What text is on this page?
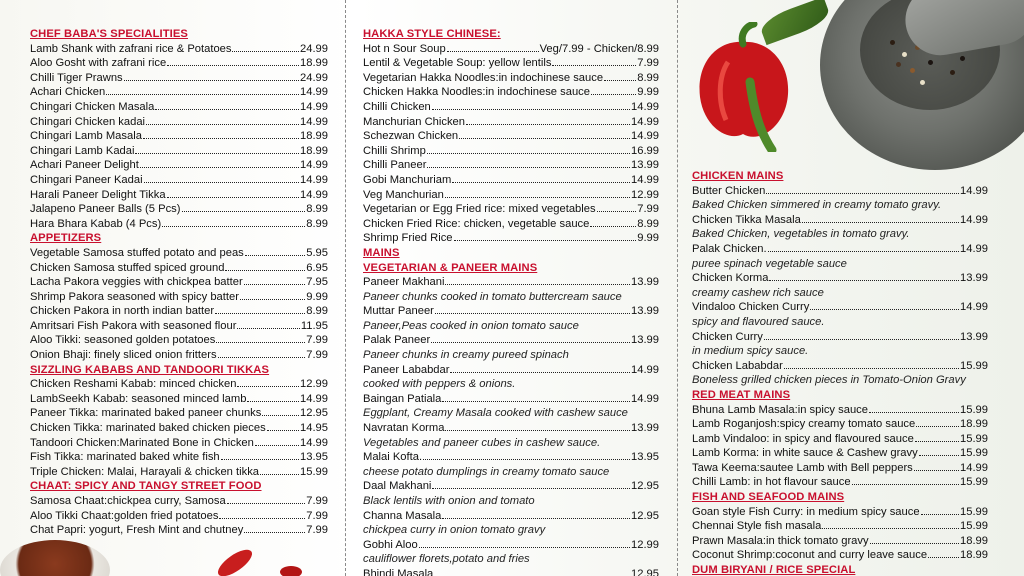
CHEF BABA'S SPECIALITIES
Lamb Shank with zafrani rice & Potatoes	24.99
Aloo Gosht with zafrani rice	18.99
Chilli Tiger Prawns	24.99
Achari Chicken	14.99
Chingari Chicken Masala	14.99
Chingari Chicken kadai	14.99
Chingari Lamb Masala	18.99
Chingari Lamb Kadai	18.99
Achari Paneer Delight	14.99
Chingari Paneer Kadai	14.99
Harali Paneer Delight Tikka	14.99
Jalapeno Paneer Balls (5 Pcs)	8.99
Hara Bhara Kabab (4 Pcs)	8.99
APPETIZERS
Vegetable Samosa stuffed potato and peas	5.95
Chicken Samosa stuffed spiced ground	6.95
Lacha Pakora veggies with chickpea batter	7.95
Shrimp Pakora seasoned with spicy batter	9.99
Chicken Pakora in north indian batter	8.99
Amritsari Fish Pakora with seasoned flour	11.95
Aloo Tikki: seasoned golden potatoes	7.99
Onion Bhaji: finely sliced onion fritters	7.99
SIZZLING KABABS AND TANDOORI TIKKAS
Chicken Reshami Kabab: minced chicken	12.99
LambSeekh Kabab: seasoned minced lamb	14.99
Paneer Tikka: marinated baked paneer chunks	12.95
Chicken Tikka: marinated baked chicken pieces	14.95
Tandoori Chicken:Marinated Bone in Chicken	14.99
Fish Tikka: marinated baked white fish	13.95
Triple Chicken: Malai, Harayali & chicken tikka	15.99
CHAAT: SPICY AND TANGY STREET FOOD
Samosa Chaat:chickpea curry, Samosa	7.99
Aloo Tikki Chaat:golden fried potatoes	7.99
Chat Papri: yogurt, Fresh Mint and chutney	7.99
HAKKA STYLE CHINESE:
Hot n Sour Soup	Veg/7.99 - Chicken/8.99
Lentil & Vegetable Soup: yellow lentils	7.99
Vegetarian Hakka Noodles:in indochinese sauce	8.99
Chicken Hakka Noodles:in indochinese sauce	9.99
Chilli Chicken	14.99
Manchurian Chicken	14.99
Schezwan Chicken	14.99
Chilli Shrimp	16.99
Chilli Paneer	13.99
Gobi Manchuriam	14.99
Veg Manchurian	12.99
Vegetarian or Egg Fried rice: mixed vegetables	7.99
Chicken Fried Rice: chicken, vegetable sauce	8.99
Shrimp Fried Rice	9.99
MAINS
VEGETARIAN & PANEER MAINS
Paneer Makhani	13.99
Paneer chunks cooked in tomato buttercream sauce
Muttar Paneer	13.99
Paneer,Peas cooked in onion tomato sauce
Palak Paneer	13.99
Paneer chunks in creamy pureed spinach
Paneer Lababdar	14.99
cooked with peppers & onions.
Baingan Patiala	14.99
Eggplant, Creamy Masala cooked with cashew sauce
Navratan Korma	13.99
Vegetables and paneer cubes in cashew sauce.
Malai Kofta.	13.95
cheese potato dumplings in creamy tomato sauce
Daal Makhani	12.95
Black lentils with onion and tomato
Channa Masala	12.95
chickpea curry in onion tomato gravy
Gobhi Aloo	12.99
cauliflower florets,potato and fries
Bhindi Masala	12.95
CHICKEN MAINS
Butter Chicken	14.99
Baked Chicken simmered in creamy tomato gravy.
Chicken Tikka Masala	14.99
Baked Chicken, vegetables in tomato gravy.
Palak Chicken.	14.99
puree spinach vegetable sauce
Chicken Korma	13.99
creamy cashew rich sauce
Vindaloo Chicken Curry	14.99
spicy and flavoured sauce.
Chicken Curry	13.99
in medium spicy sauce.
Chicken Lababdar	15.99
Boneless grilled chicken pieces in Tomato-Onion Gravy
RED MEAT MAINS
Bhuna Lamb Masala:in spicy sauce	15.99
Lamb Roganjosh:spicy creamy tomato sauce	18.99
Lamb Vindaloo: in spicy and flavoured sauce	15.99
Lamb Korma: in white sauce & Cashew gravy	15.99
Tawa Keema:sautee Lamb with Bell peppers	14.99
Chilli Lamb: in hot flavour sauce	15.99
FISH AND SEAFOOD MAINS
Goan style Fish Curry: in medium spicy sauce	15.99
Chennai Style fish masala	15.99
Prawn Masala:in thick tomato gravy	18.99
Coconut Shrimp:coconut and curry leave sauce	18.99
DUM BIRYANI / RICE SPECIAL
